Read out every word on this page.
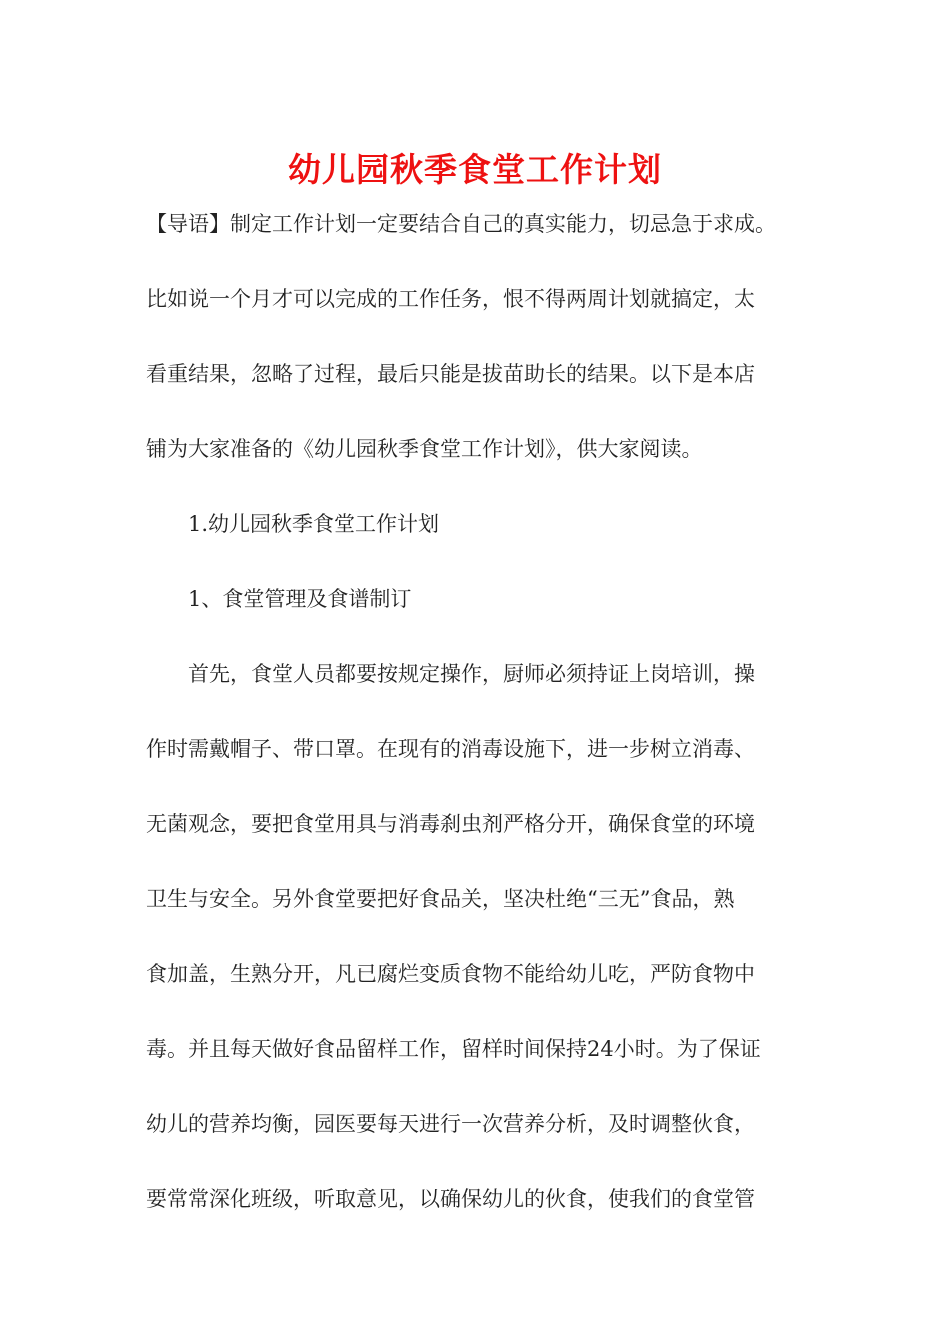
幼儿园秋季食堂工作计划

【导语】制定工作计划一定要结合自己的真实能力，切忌急于求成。

比如说一个月才可以完成的工作任务，恨不得两周计划就搞定，太

看重结果，忽略了过程，最后只能是拔苗助长的结果。以下是本店

铺为大家准备的《幼儿园秋季食堂工作计划》，供大家阅读。

1.幼儿园秋季食堂工作计划

1、食堂管理及食谱制订

首先，食堂人员都要按规定操作，厨师必须持证上岗培训，操

作时需戴帽子、带口罩。在现有的消毒设施下，进一步树立消毒、

无菌观念，要把食堂用具与消毒刹虫剂严格分开，确保食堂的环境

卫生与安全。另外食堂要把好食品关，坚决杜绝“三无”食品，熟

食加盖，生熟分开，凡已腐烂变质食物不能给幼儿吃，严防食物中

毒。并且每天做好食品留样工作，留样时间保持24小时。为了保证

幼儿的营养均衡，园医要每天进行一次营养分析，及时调整伙食，

要常常深化班级，听取意见，以确保幼儿的伙食，使我们的食堂管
